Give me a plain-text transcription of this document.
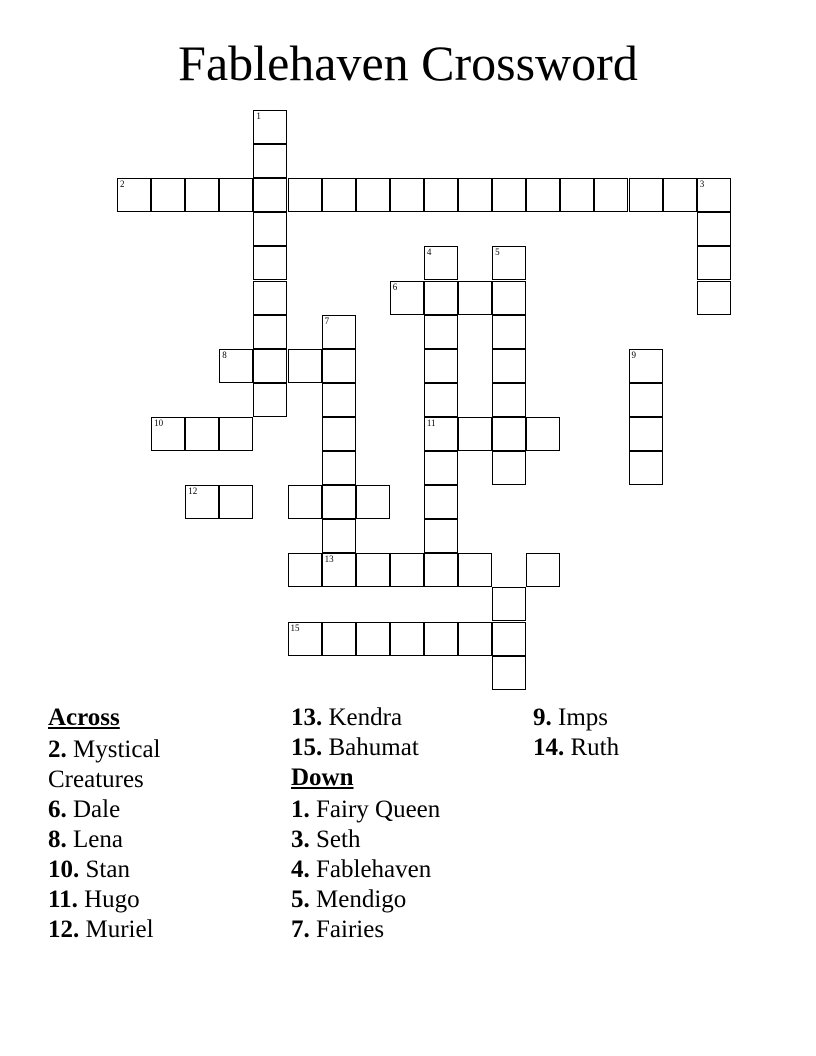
Fablehaven Crossword
1
2	3
4
11
5
6
7
8	9
10
12
13
15

Across

2. Mystical

Creatures

6. Dale

8. Lena

10. Stan

11. Hugo

12. Muriel

13. Kendra

15. Bahumat

Down

1. Fairy Queen

3. Seth

4. Fablehaven

5. Mendigo

7. Fairies

9. Imps

14. Ruth
